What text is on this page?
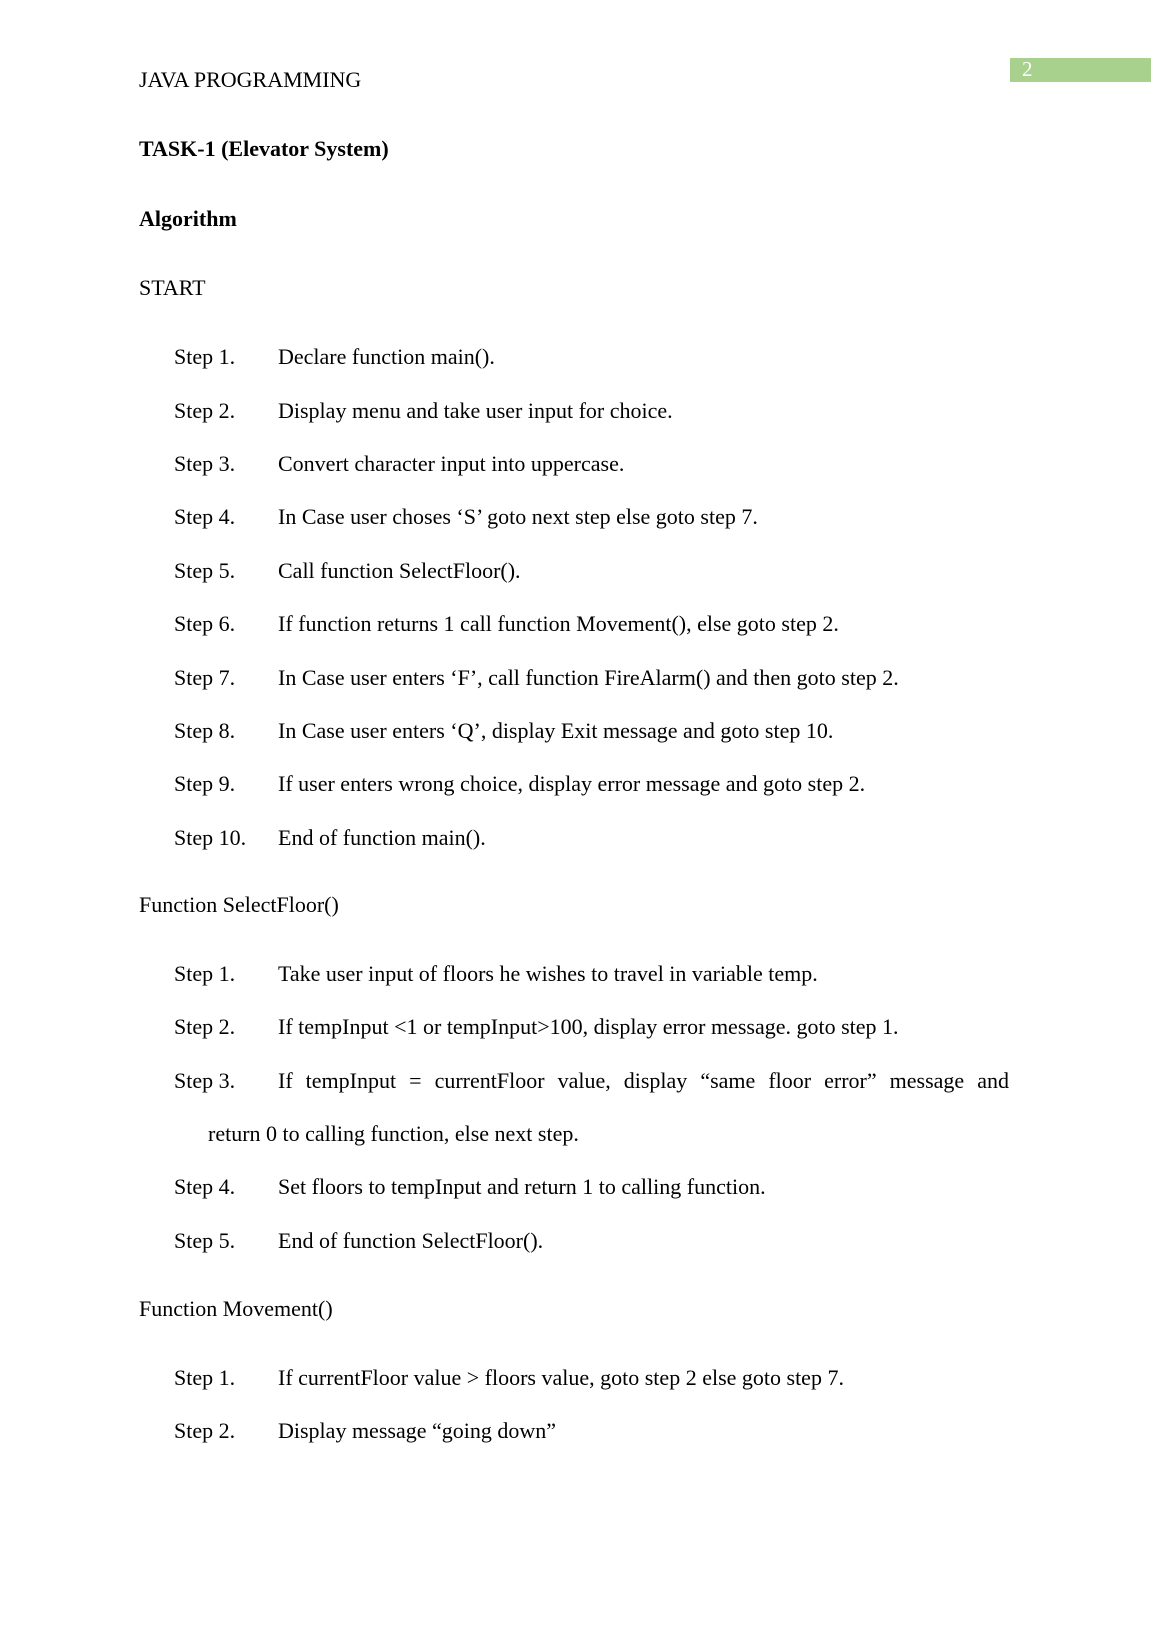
JAVA PROGRAMMING	2
TASK-1 (Elevator System)
Algorithm
START
Step 1. Declare function main().
Step 2. Display menu and take user input for choice.
Step 3. Convert character input into uppercase.
Step 4. In Case user choses ‘S’ goto next step else goto step 7.
Step 5. Call function SelectFloor().
Step 6. If function returns 1 call function Movement(), else goto step 2.
Step 7. In Case user enters ‘F’, call function FireAlarm() and then goto step 2.
Step 8. In Case user enters ‘Q’, display Exit message and goto step 10.
Step 9. If user enters wrong choice, display error message and goto step 2.
Step 10. End of function main().
Function SelectFloor()
Step 1. Take user input of floors he wishes to travel in variable temp.
Step 2. If tempInput <1 or tempInput>100, display error message. goto step 1.
Step 3. If tempInput = currentFloor value, display “same floor error” message and
return 0 to calling function, else next step.
Step 4. Set floors to tempInput and return 1 to calling function.
Step 5. End of function SelectFloor().
Function Movement()
Step 1. If currentFloor value > floors value, goto step 2 else goto step 7.
Step 2. Display message “going down”
